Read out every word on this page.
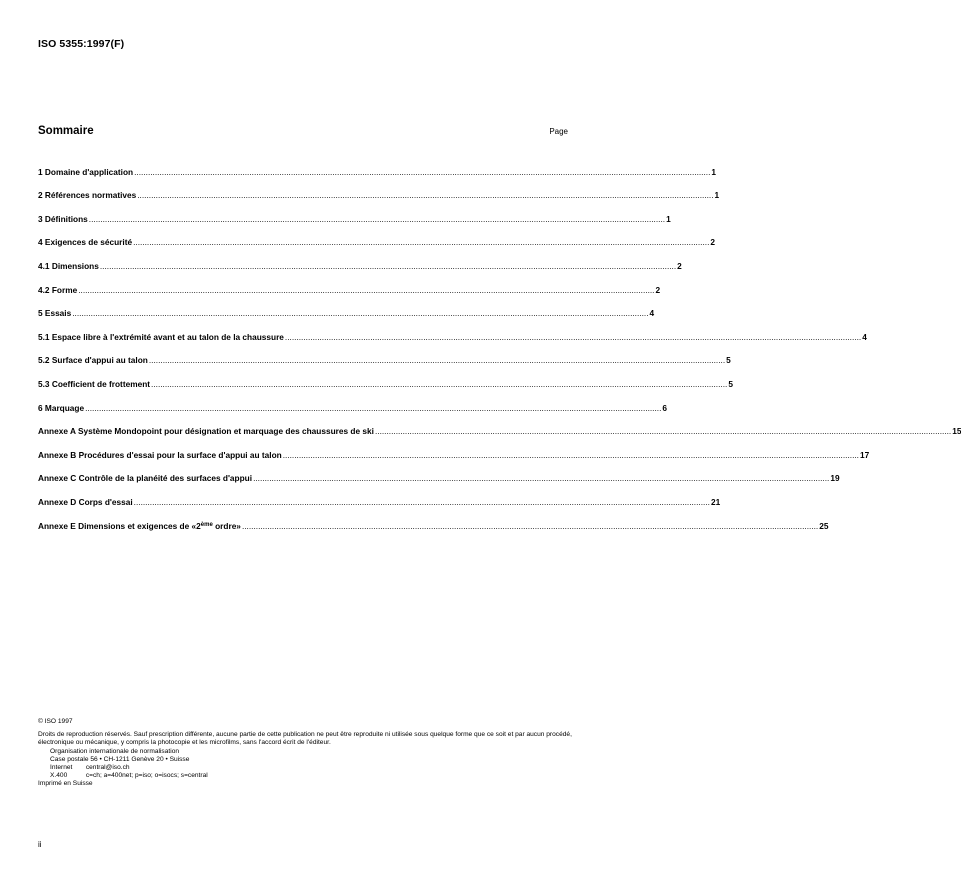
ISO 5355:1997(F)
Sommaire	Page
1 Domaine d'application .......................................................................................................................................................................................................................................................... 1
2 Références normatives .......................................................................................................................................................................................................................................................... 1
3 Définitions .......................................................................................................................................................................................................................................................... 1
4 Exigences de sécurité .......................................................................................................................................................................................................................................................... 2
4.1 Dimensions .......................................................................................................................................................................................................................................................... 2
4.2 Forme .......................................................................................................................................................................................................................................................... 2
5 Essais .......................................................................................................................................................................................................................................................... 4
5.1 Espace libre à l'extrémité avant et au talon de la chaussure .......................................................................................................................................................................................................................................................... 4
5.2 Surface d'appui au talon .......................................................................................................................................................................................................................................................... 5
5.3 Coefficient de frottement .......................................................................................................................................................................................................................................................... 5
6 Marquage .......................................................................................................................................................................................................................................................... 6
Annexe A Système Mondopoint pour désignation et marquage des chaussures de ski .......................................................................................................................................................................................................................................................... 15
Annexe B Procédures d'essai pour la surface d'appui au talon .......................................................................................................................................................................................................................................................... 17
Annexe C Contrôle de la planéité des surfaces d'appui .......................................................................................................................................................................................................................................................... 19
Annexe D Corps d'essai .......................................................................................................................................................................................................................................................... 21
Annexe E Dimensions et exigences de «2ème ordre» .......................................................................................................................................................................................................................................................... 25
© ISO 1997
Droits de reproduction réservés. Sauf prescription différente, aucune partie de cette publication ne peut être reproduite ni utilisée sous quelque forme que ce soit et par aucun procédé, électronique ou mécanique, y compris la photocopie et les microfilms, sans l'accord écrit de l'éditeur.
Organisation internationale de normalisation
Case postale 56 • CH-1211 Genève 20 • Suisse
Internet central@iso.ch
X.400	c=ch; a=400net; p=iso; o=isocs; s=central
Imprimé en Suisse
ii
